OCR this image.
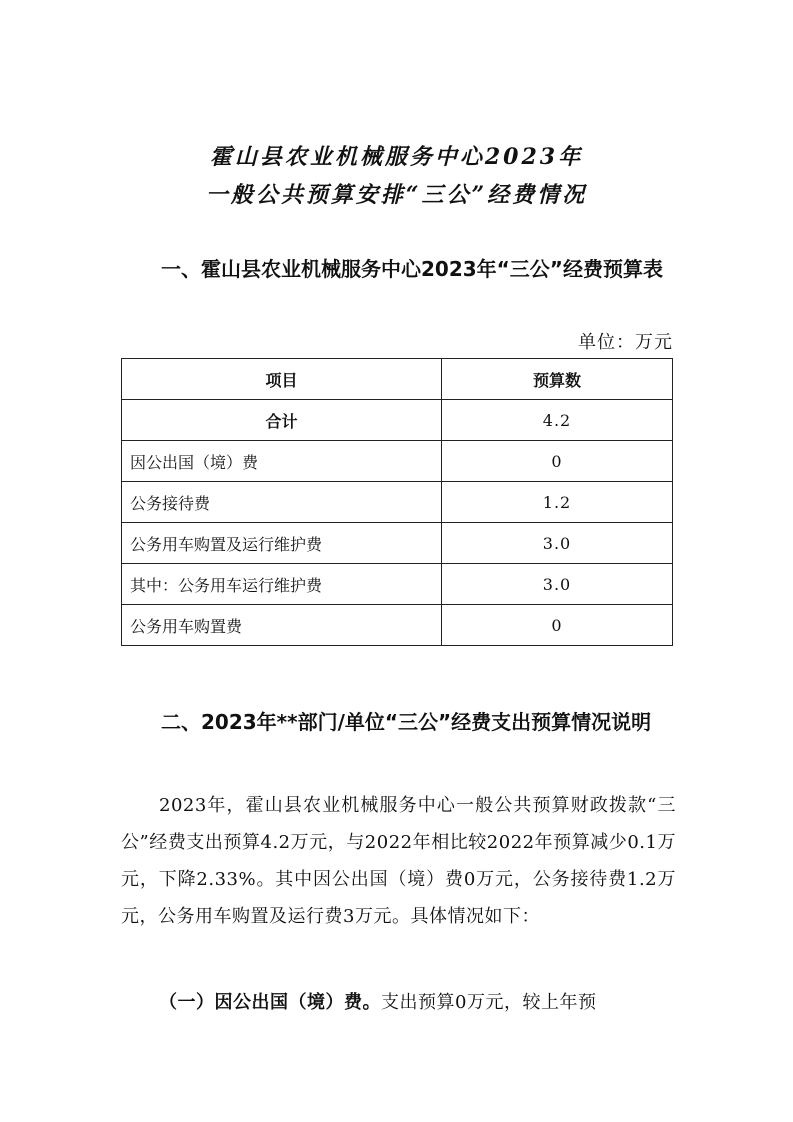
霍山县农业机械服务中心2023年
一般公共预算安排“三公”经费情况
一、霍山县农业机械服务中心2023年“三公”经费预算表
单位：万元
项目	预算数
合计	4.2
因公出国（境）费	0
公务接待费	1.2
公务用车购置及运行维护费	3.0
其中：公务用车运行维护费	3.0
公务用车购置费	0
二、2023年**部门/单位“三公”经费支出预算情况说明
2023年，霍山县农业机械服务中心一般公共预算财政拨款“三公”经费支出预算4.2万元，与2022年相比较2022年预算减少0.1万元，下降2.33%。其中因公出国（境）费0万元，公务接待费1.2万元，公务用车购置及运行费3万元。具体情况如下：
（一）因公出国（境）费。支出预算0万元，较上年预
